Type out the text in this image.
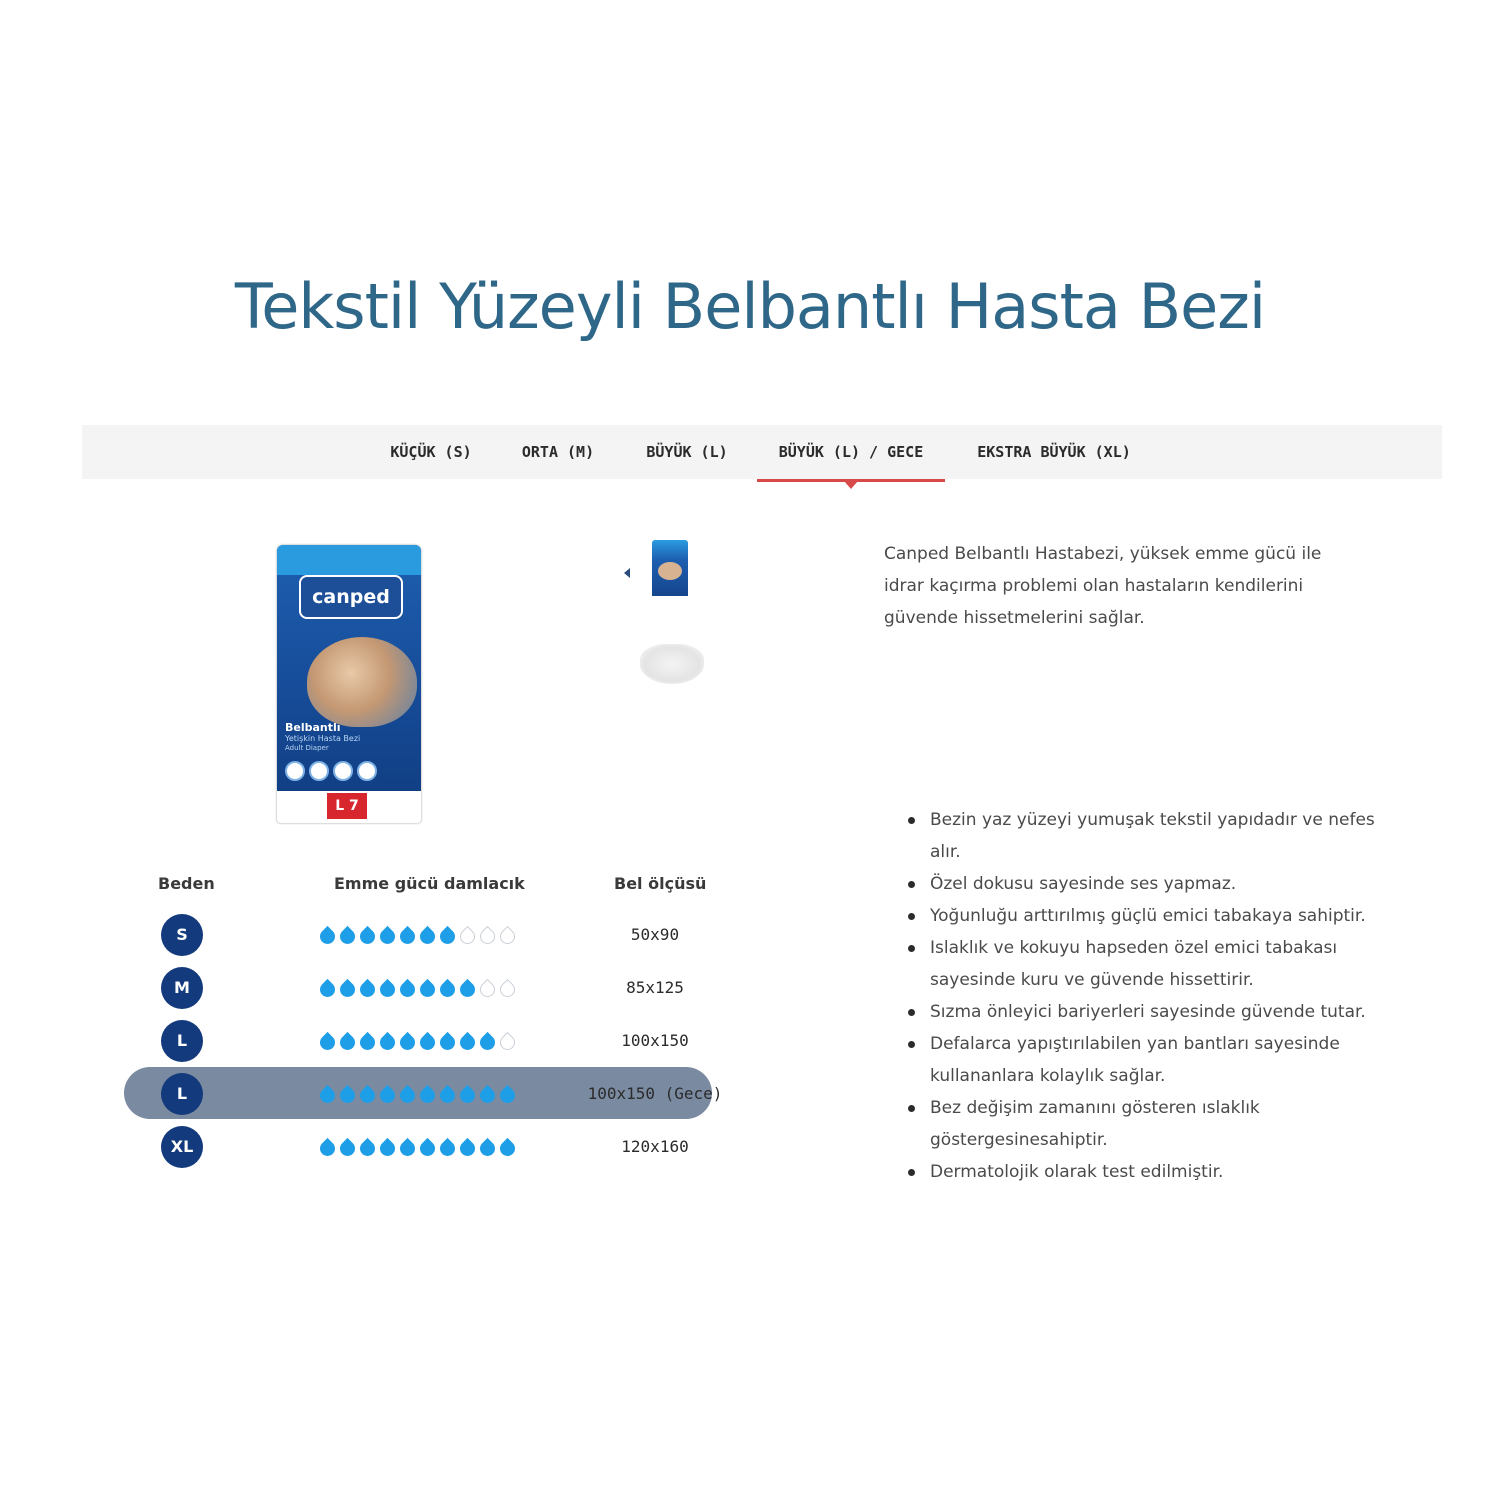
Tekstil Yüzeyli Belbantlı Hasta Bezi
KÜÇÜK (S)	ORTA (M)	BÜYÜK (L)	BÜYÜK (L) / GECE	EKSTRA BÜYÜK (XL)
canped
Belbantlı
Yetişkin Hasta Bezi
Adult Diaper
L 7
Canped Belbantlı Hastabezi, yüksek emme gücü ile idrar kaçırma problemi olan hastaların kendilerini güvende hissetmelerini sağlar.
Bezin yaz yüzeyi yumuşak tekstil yapıdadır ve nefes alır.
Özel dokusu sayesinde ses yapmaz.
Yoğunluğu arttırılmış güçlü emici tabakaya sahiptir.
Islaklık ve kokuyu hapseden özel emici tabakası sayesinde kuru ve güvende hissettirir.
Sızma önleyici bariyerleri sayesinde güvende tutar.
Defalarca yapıştırılabilen yan bantları sayesinde kullananlara kolaylık sağlar.
Bez değişim zamanını gösteren ıslaklık göstergesinesahiptir.
Dermatolojik olarak test edilmiştir.
Beden	Emme gücü damlacık	Bel ölçüsü
S	50x90
M	85x125
L	100x150
L	100x150 (Gece)
XL	120x160
